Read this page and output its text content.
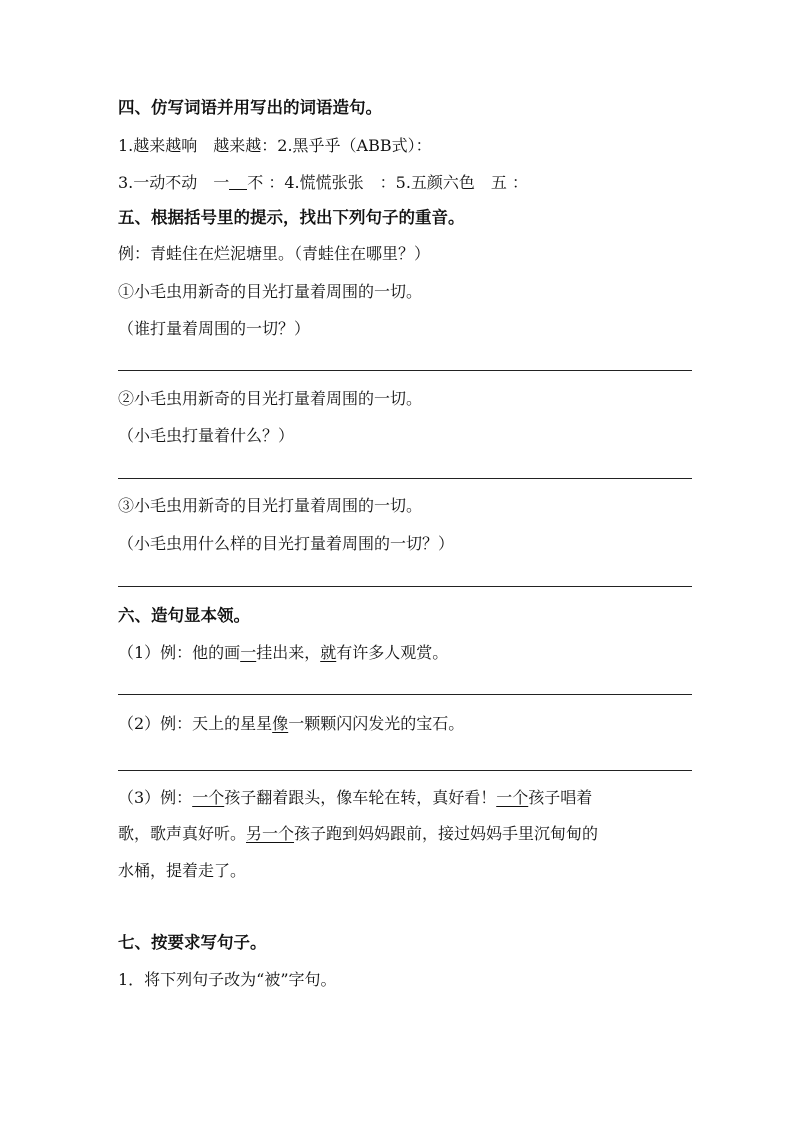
四、仿写词语并用写出的词语造句。
1.越来越响　越来越：2.黑乎乎（ABB式）：
3.一动不动　一 不 ：4.慌慌张张　：5.五颜六色　五 ：
五、根据括号里的提示，找出下列句子的重音。
例：青蛙住在烂泥塘里。（青蛙住在哪里？）
①小毛虫用新奇的目光打量着周围的一切。
（谁打量着周围的一切？）
②小毛虫用新奇的目光打量着周围的一切。
（小毛虫打量着什么？）
③小毛虫用新奇的目光打量着周围的一切。
（小毛虫用什么样的目光打量着周围的一切？）
六、造句显本领。
（1）例：他的画一挂出来，就有许多人观赏。
（2）例：天上的星星像一颗颗闪闪发光的宝石。
（3）例：一个孩子翻着跟头，像车轮在转，真好看！一个孩子唱着
歌，歌声真好听。另一个孩子跑到妈妈跟前，接过妈妈手里沉甸甸的
水桶，提着走了。
七、按要求写句子。
1．将下列句子改为“被”字句。
